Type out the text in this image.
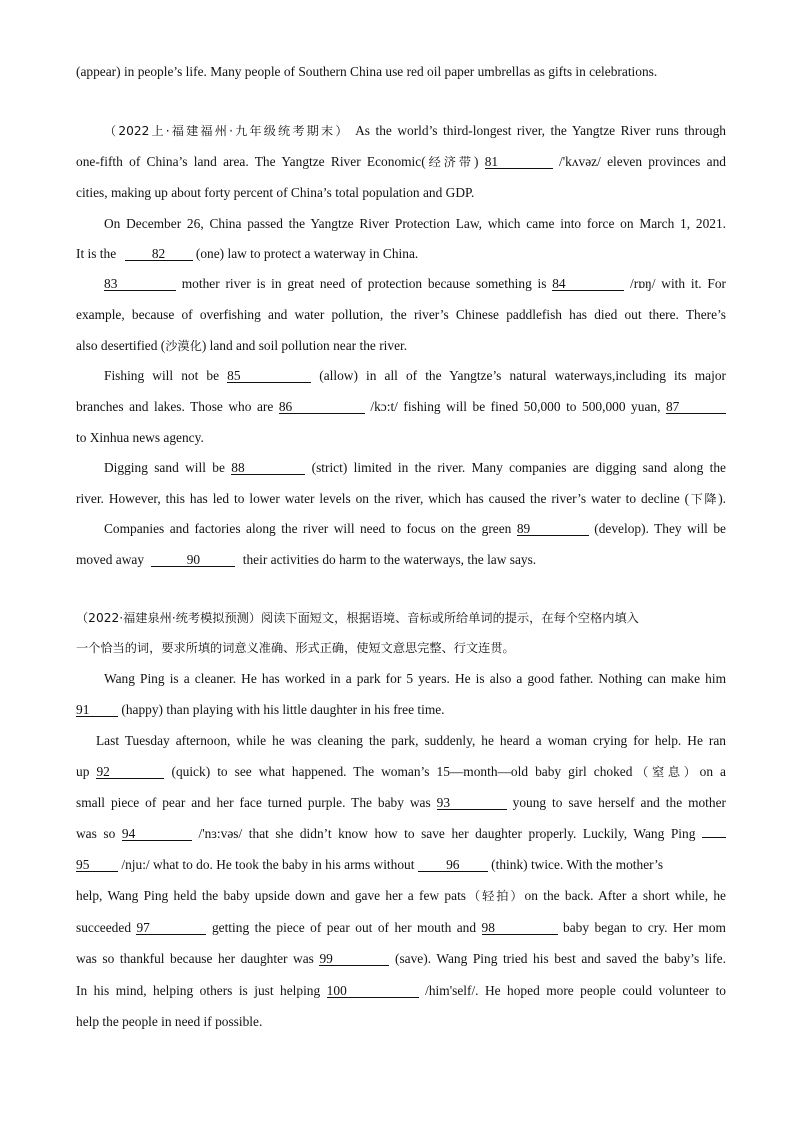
(appear) in people’s life. Many people of Southern China use red oil paper umbrellas as gifts in celebrations.
（2022上·福建福州·九年级统考期末） As the world’s third-longest river, the Yangtze River runs through
one-fifth of China’s land area. The Yangtze River Economic(经济带) 81	/'kʌvəz/ eleven provinces and
cities, making up about forty percent of China’s total population and GDP.
On December 26, China passed the Yangtze River Protection Law, which came into force on March 1, 2021.
It is the	82 (one) law to protect a waterway in China.
83	mother river is in great need of protection because something is 84	/rɒŋ/ with it. For
example, because of overfishing and water pollution, the river’s Chinese paddlefish has died out there. There’s
also desertified (沙漠化) land and soil pollution near the river.
Fishing will not be 85	(allow) in all of the Yangtze’s natural waterways,including its major
branches and lakes. Those who are 86	/kɔ:t/ fishing will be fined 50,000 to 500,000 yuan, 87
to Xinhua news agency.
Digging sand will be 88	(strict) limited in the river. Many companies are digging sand along the
river. However, this has led to lower water levels on the river, which has caused the river’s water to decline (下降).
Companies and factories along the river will need to focus on the green 89	(develop). They will be
moved away	90	their activities do harm to the waterways, the law says.
（2022·福建泉州·统考模拟预测）阅读下面短文，根据语境、音标或所给单词的提示，在每个空格内填入
一个恰当的词，要求所填的词意义准确、形式正确，使短文意思完整、行文连贯。
Wang Ping is a cleaner. He has worked in a park for 5 years. He is also a good father. Nothing can make him
91 (happy) than playing with his little daughter in his free time.
Last Tuesday afternoon, while he was cleaning the park, suddenly, he heard a woman crying for help. He ran
up 92	(quick) to see what happened. The woman’s 15—month—old baby girl choked（窒息）on a
small piece of pear and her face turned purple. The baby was 93	young to save herself and the mother
was so 94	/'nɜ:vəs/ that she didn’t know how to save her daughter properly. Luckily, Wang Ping
95 /nju:/ what to do. He took the baby in his arms without 96 (think) twice. With the mother’s
help, Wang Ping held the baby upside down and gave her a few pats（轻拍）on the back. After a short while, he
succeeded 97	getting the piece of pear out of her mouth and 98	baby began to cry. Her mom
was so thankful because her daughter was 99	(save). Wang Ping tried his best and saved the baby’s life.
In his mind, helping others is just helping 100	/him'self/. He hoped more people could volunteer to
help the people in need if possible.
